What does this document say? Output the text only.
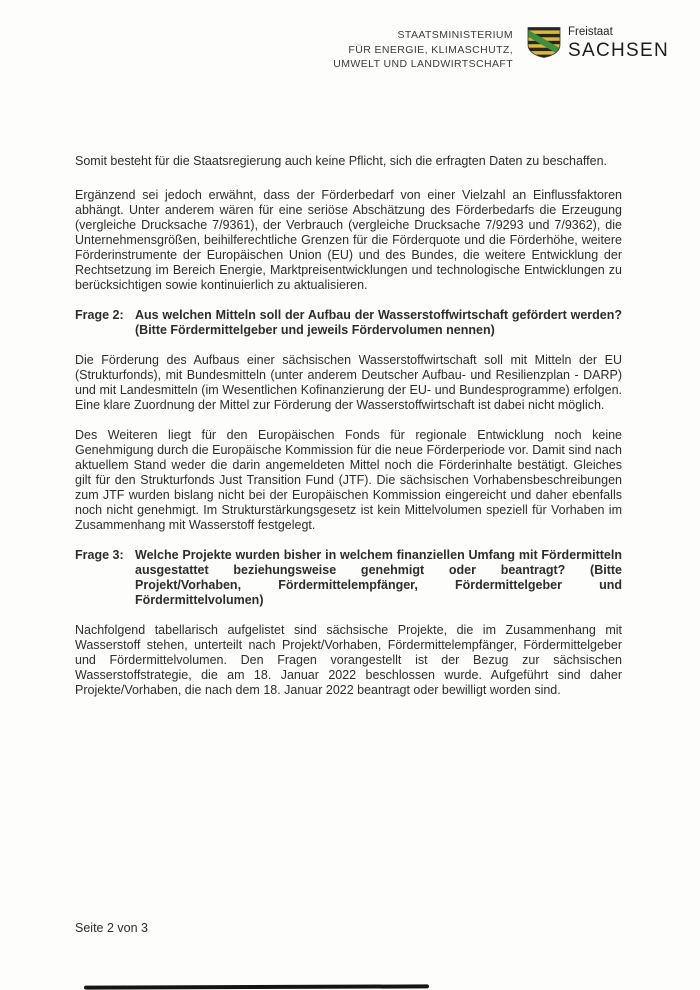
STAATSMINISTERIUM
FÜR ENERGIE, KLIMASCHUTZ,
UMWELT UND LANDWIRTSCHAFT
Freistaat
SACHSEN

Somit besteht für die Staatsregierung auch keine Pflicht, sich die erfragten Daten zu beschaffen.

Ergänzend sei jedoch erwähnt, dass der Förderbedarf von einer Vielzahl an Einflussfaktoren abhängt. Unter anderem wären für eine seriöse Abschätzung des Förderbedarfs die Erzeugung (vergleiche Drucksache 7/9361), der Verbrauch (vergleiche Drucksache 7/9293 und 7/9362), die Unternehmensgrößen, beihilferechtliche Grenzen für die Förderquote und die Förderhöhe, weitere Förderinstrumente der Europäischen Union (EU) und des Bundes, die weitere Entwicklung der Rechtsetzung im Bereich Energie, Marktpreisentwicklungen und technologische Entwicklungen zu berücksichtigen sowie kontinuierlich zu aktualisieren.

Frage 2: Aus welchen Mitteln soll der Aufbau der Wasserstoffwirtschaft gefördert werden? (Bitte Fördermittelgeber und jeweils Fördervolumen nennen)

Die Förderung des Aufbaus einer sächsischen Wasserstoffwirtschaft soll mit Mitteln der EU (Strukturfonds), mit Bundesmitteln (unter anderem Deutscher Aufbau- und Resilienzplan - DARP) und mit Landesmitteln (im Wesentlichen Kofinanzierung der EU- und Bundesprogramme) erfolgen. Eine klare Zuordnung der Mittel zur Förderung der Wasserstoffwirtschaft ist dabei nicht möglich.

Des Weiteren liegt für den Europäischen Fonds für regionale Entwicklung noch keine Genehmigung durch die Europäische Kommission für die neue Förderperiode vor. Damit sind nach aktuellem Stand weder die darin angemeldeten Mittel noch die Förderinhalte bestätigt. Gleiches gilt für den Strukturfonds Just Transition Fund (JTF). Die sächsischen Vorhabensbeschreibungen zum JTF wurden bislang nicht bei der Europäischen Kommission eingereicht und daher ebenfalls noch nicht genehmigt. Im Strukturstärkungsgesetz ist kein Mittelvolumen speziell für Vorhaben im Zusammenhang mit Wasserstoff festgelegt.

Frage 3: Welche Projekte wurden bisher in welchem finanziellen Umfang mit Fördermitteln ausgestattet beziehungsweise genehmigt oder beantragt? (Bitte Projekt/Vorhaben, Fördermittelempfänger, Fördermittelgeber und Fördermittelvolumen)

Nachfolgend tabellarisch aufgelistet sind sächsische Projekte, die im Zusammenhang mit Wasserstoff stehen, unterteilt nach Projekt/Vorhaben, Fördermittelempfänger, Fördermittelgeber und Fördermittelvolumen. Den Fragen vorangestellt ist der Bezug zur sächsischen Wasserstoffstrategie, die am 18. Januar 2022 beschlossen wurde. Aufgeführt sind daher Projekte/Vorhaben, die nach dem 18. Januar 2022 beantragt oder bewilligt worden sind.

Seite 2 von 3
